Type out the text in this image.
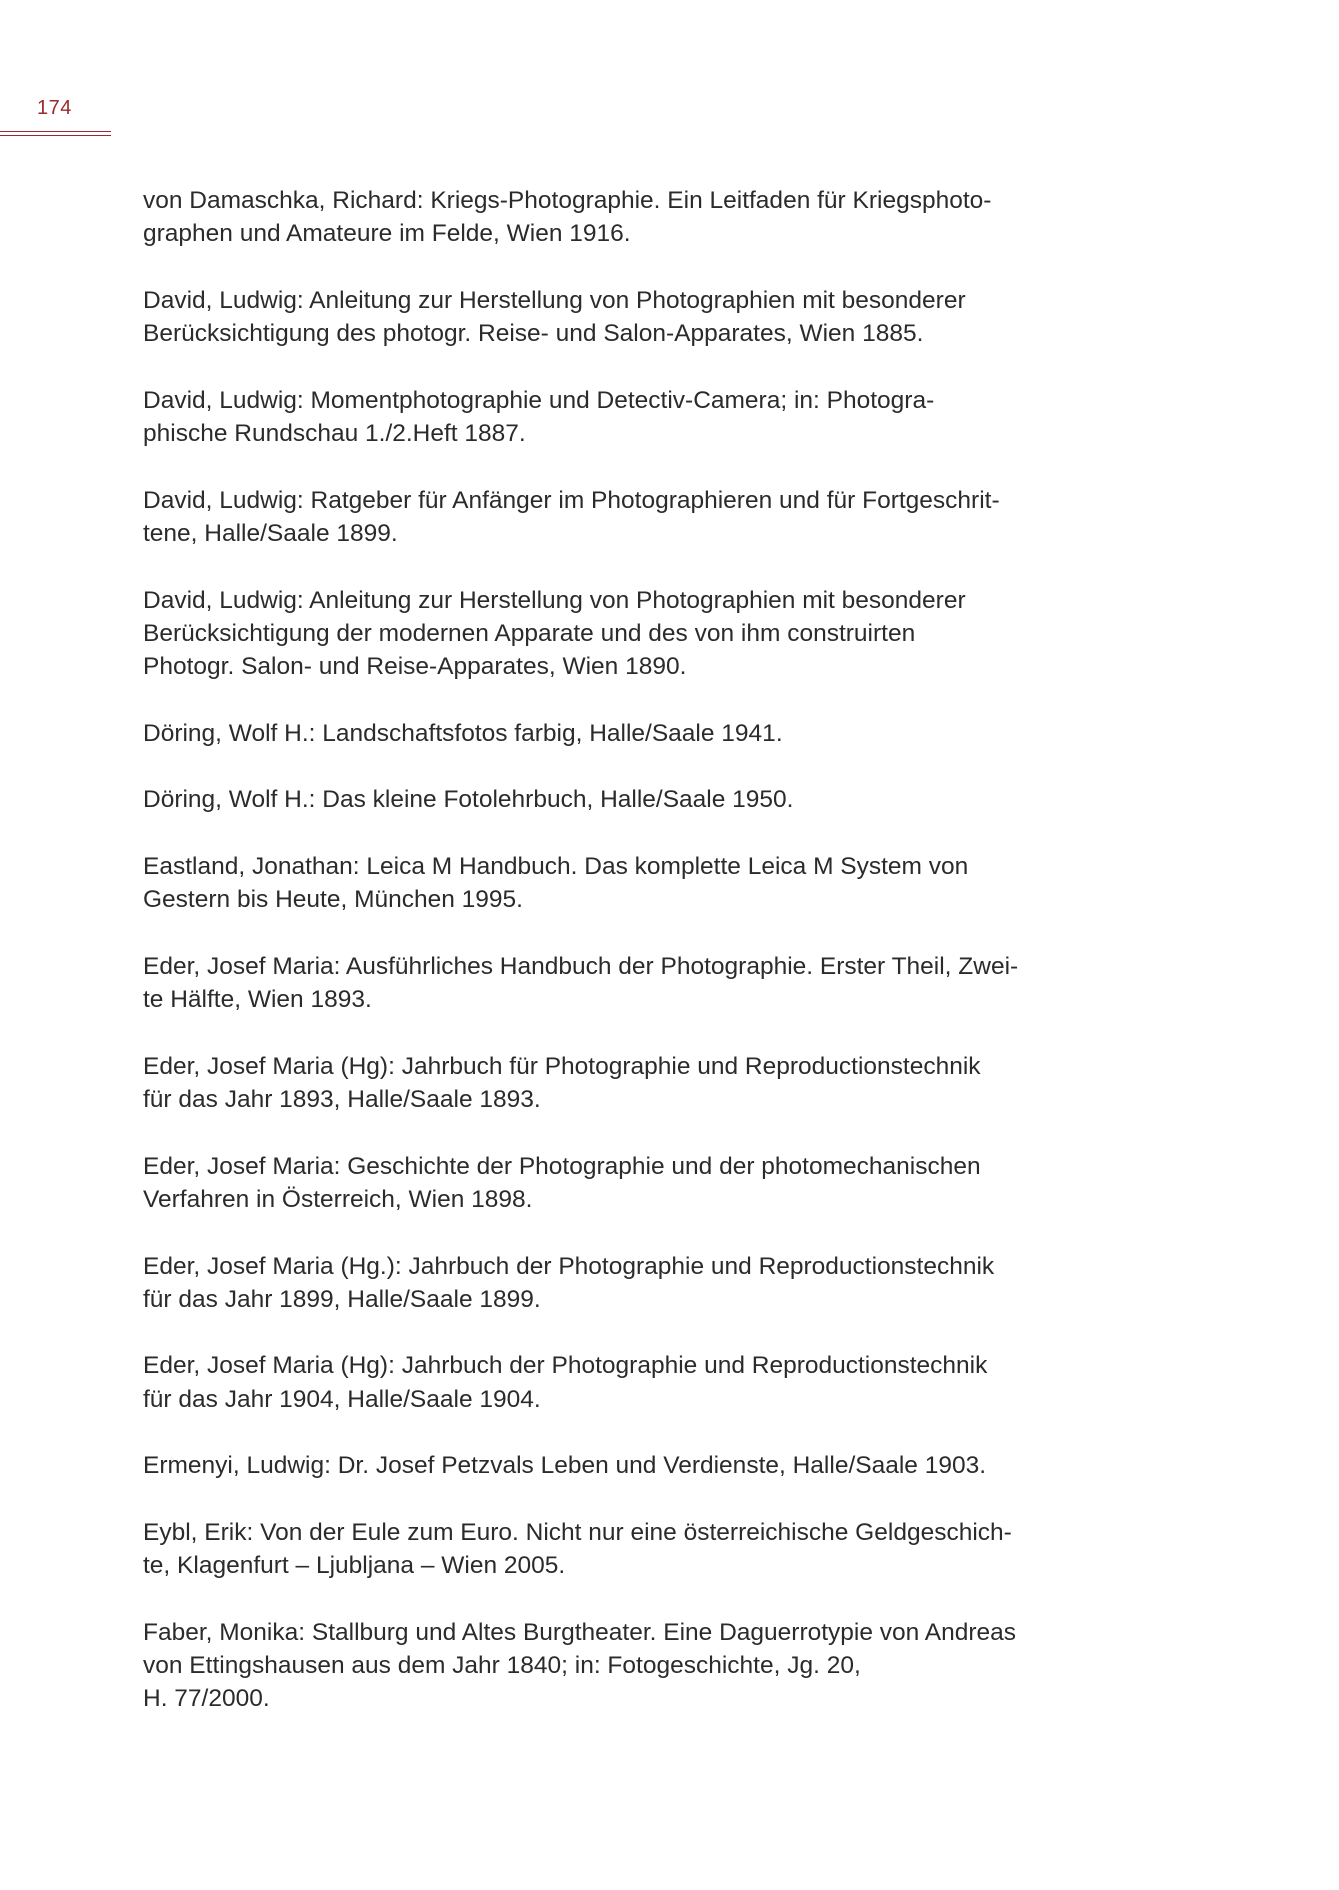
174
von Damaschka, Richard: Kriegs-Photographie. Ein Leitfaden für Kriegsphoto-
graphen und Amateure im Felde, Wien 1916.
David, Ludwig: Anleitung zur Herstellung von Photographien mit besonderer
Berücksichtigung des photogr. Reise- und Salon-Apparates, Wien 1885.
David, Ludwig: Momentphotographie und Detectiv-Camera; in: Photogra-
phische Rundschau 1./2.Heft 1887.
David, Ludwig: Ratgeber für Anfänger im Photographieren und für Fortgeschrit-
tene, Halle/Saale 1899.
David, Ludwig: Anleitung zur Herstellung von Photographien mit besonderer
Berücksichtigung der modernen Apparate und des von ihm construirten
Photogr. Salon- und Reise-Apparates, Wien 1890.
Döring, Wolf H.: Landschaftsfotos farbig, Halle/Saale 1941.
Döring, Wolf H.: Das kleine Fotolehrbuch, Halle/Saale 1950.
Eastland, Jonathan: Leica M Handbuch. Das komplette Leica M System von
Gestern bis Heute, München 1995.
Eder, Josef Maria: Ausführliches Handbuch der Photographie. Erster Theil, Zwei-
te Hälfte, Wien 1893.
Eder, Josef Maria (Hg): Jahrbuch für Photographie und Reproductionstechnik
für das Jahr 1893, Halle/Saale 1893.
Eder, Josef Maria: Geschichte der Photographie und der photomechanischen
Verfahren in Österreich, Wien 1898.
Eder, Josef Maria (Hg.): Jahrbuch der Photographie und Reproductionstechnik
für das Jahr 1899, Halle/Saale 1899.
Eder, Josef Maria (Hg): Jahrbuch der Photographie und Reproductionstechnik
für das Jahr 1904, Halle/Saale 1904.
Ermenyi, Ludwig: Dr. Josef Petzvals Leben und Verdienste, Halle/Saale 1903.
Eybl, Erik: Von der Eule zum Euro. Nicht nur eine österreichische Geldgeschich-
te, Klagenfurt – Ljubljana – Wien 2005.
Faber, Monika: Stallburg und Altes Burgtheater. Eine Daguerrotypie von Andreas
von Ettingshausen aus dem Jahr 1840; in: Fotogeschichte, Jg. 20,
H. 77/2000.
